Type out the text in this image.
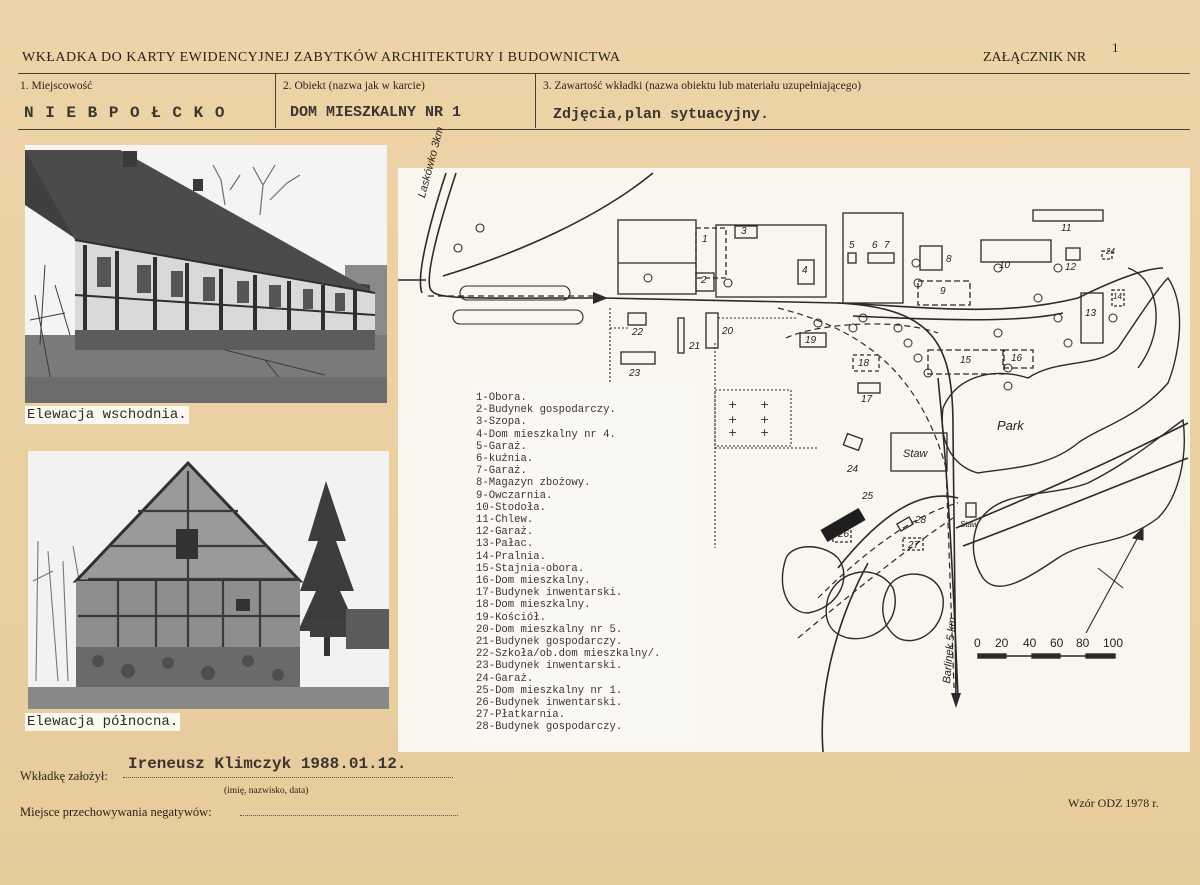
WKŁADKA DO KARTY EWIDENCYJNEJ ZABYTKÓW ARCHITEKTURY I BUDOWNICTWA	ZAŁĄCZNIK NR
1
1. Miejscowość
N I E B P O Ł C K O
2. Obiekt (nazwa jak w karcie)
DOM MIESZKALNY NR 1
3. Zawartość wkładki (nazwa obiektu lub materiału uzupełniającego)
Zdjęcia,plan sytuacyjny.
Elewacja wschodnia.
Elewacja północna.
+ +
+ +
+ +
Laskówko 3km
Barlinek 5 km
Park
Staw
Staw
1
2
3
4
5 6 7
8
9
10
11
12
13
14
15	16
17
18
19
20
21
22
23
24
25
26
27
28
24
0 20 40 60 80 100
1-Obora.
2-Budynek gospodarczy.
3-Szopa.
4-Dom mieszkalny nr 4.
5-Garaż.
6-kuźnia.
7-Garaż.
8-Magazyn zbożowy.
9-Owczarnia.
10-Stodoła.
11-Chlew.
12-Garaż.
13-Pałac.
14-Pralnia.
15-Stajnia-obora.
16-Dom mieszkalny.
17-Budynek inwentarski.
18-Dom mieszkalny.
19-Kościół.
20-Dom mieszkalny nr 5.
21-Budynek gospodarczy.
22-Szkoła/ob.dom mieszkalny/.
23-Budynek inwentarski.
24-Garaż.
25-Dom mieszkalny nr 1.
26-Budynek inwentarski.
27-Płatkarnia.
28-Budynek gospodarczy.
Wkładkę założył:
Ireneusz Klimczyk 1988.01.12.
(imię, nazwisko, data)
Miejsce przechowywania negatywów:
Wzór ODZ 1978 r.
